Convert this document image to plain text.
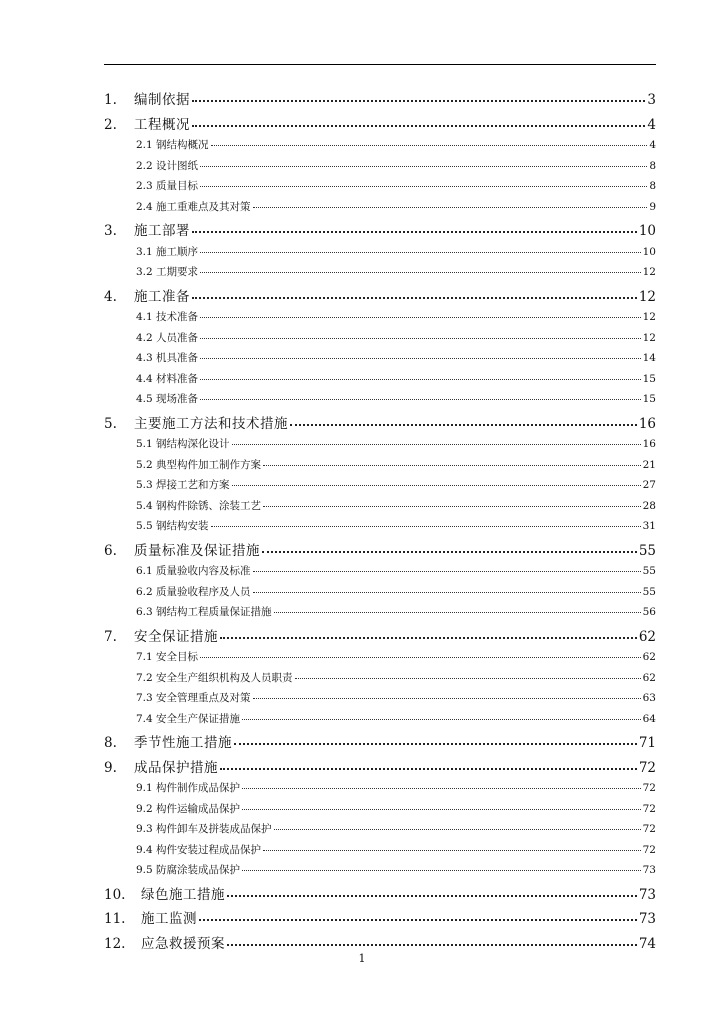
1.	编制依据	3
2.	工程概况	4
2.1 钢结构概况	4
2.2 设计图纸	8
2.3 质量目标	8
2.4 施工重难点及其对策	9
3.	施工部署	10
3.1 施工顺序	10
3.2 工期要求	12
4.	施工准备	12
4.1 技术准备	12
4.2 人员准备	12
4.3 机具准备	14
4.4 材料准备	15
4.5 现场准备	15
5.	主要施工方法和技术措施	16
5.1 钢结构深化设计	16
5.2 典型构件加工制作方案	21
5.3 焊接工艺和方案	27
5.4 钢构件除锈、涂装工艺	28
5.5 钢结构安装	31
6.	质量标准及保证措施	55
6.1 质量验收内容及标准	55
6.2 质量验收程序及人员	55
6.3 钢结构工程质量保证措施	56
7.	安全保证措施	62
7.1 安全目标	62
7.2 安全生产组织机构及人员职责	62
7.3 安全管理重点及对策	63
7.4 安全生产保证措施	64
8.	季节性施工措施	71
9.	成品保护措施	72
9.1 构件制作成品保护	72
9.2 构件运输成品保护	72
9.3 构件卸车及拼装成品保护	72
9.4 构件安装过程成品保护	72
9.5 防腐涂装成品保护	73
10.	绿色施工措施	73
11.	施工监测	73
12.	应急救援预案	74
1
